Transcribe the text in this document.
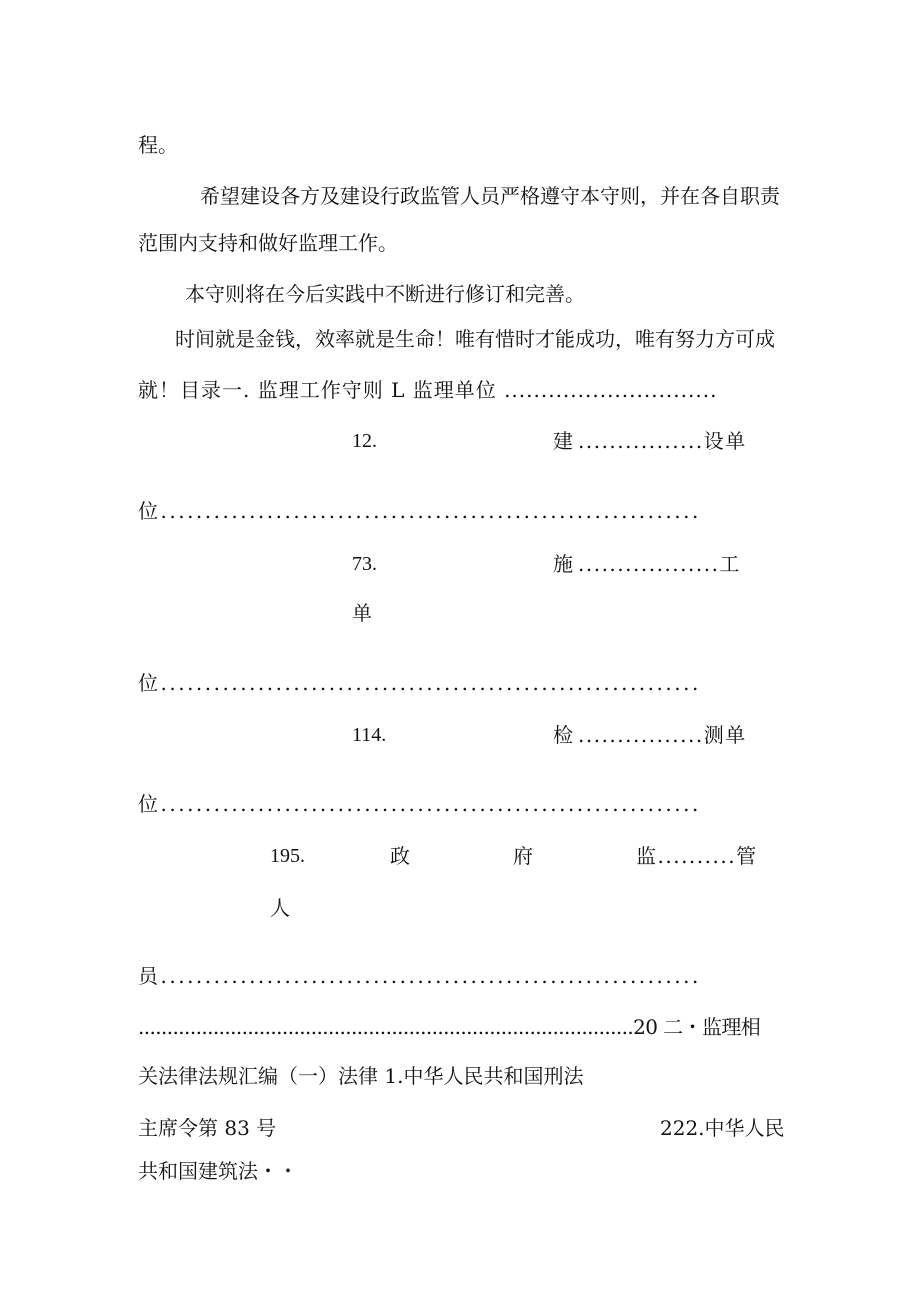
程。
希望建设各方及建设行政监管人员严格遵守本守则，并在各自职责
范围内支持和做好监理工作。
本守则将在今后实践中不断进行修订和完善。
时间就是金钱，效率就是生命！唯有惜时才能成功，唯有努力方可成
就！目录一. 监理工作守则 L 监理单位 .............................
12.	建 ................设单
位.............................................................
73.	施 ..................工
单
位.............................................................
114.	检 ................测单
位.............................................................
195.	政	府	监..........管
人
员.............................................................
......................................................................................20 二・监理相
关法律法规汇编（一）法律 1.中华人民共和国刑法
主席令第 83 号	222.中华人民
共和国建筑法・・
